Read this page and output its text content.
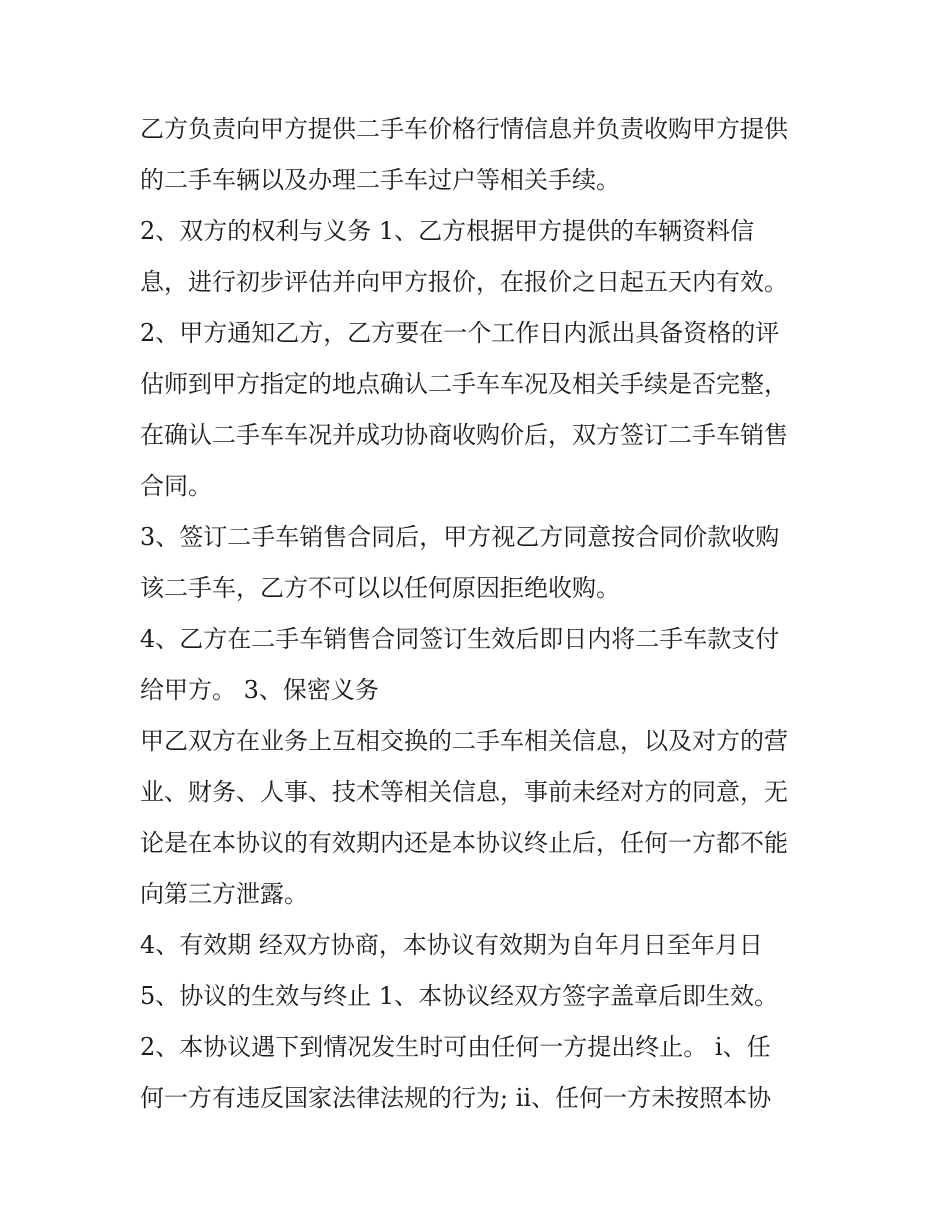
乙方负责向甲方提供二手车价格行情信息并负责收购甲方提供
的二手车辆以及办理二手车过户等相关手续。
2、双方的权利与义务 1、乙方根据甲方提供的车辆资料信
息，进行初步评估并向甲方报价，在报价之日起五天内有效。
2、甲方通知乙方，乙方要在一个工作日内派出具备资格的评
估师到甲方指定的地点确认二手车车况及相关手续是否完整，
在确认二手车车况并成功协商收购价后，双方签订二手车销售
合同。
3、签订二手车销售合同后，甲方视乙方同意按合同价款收购
该二手车，乙方不可以以任何原因拒绝收购。
4、乙方在二手车销售合同签订生效后即日内将二手车款支付
给甲方。 3、保密义务
甲乙双方在业务上互相交换的二手车相关信息，以及对方的营
业、财务、人事、技术等相关信息，事前未经对方的同意，无
论是在本协议的有效期内还是本协议终止后，任何一方都不能
向第三方泄露。
4、有效期 经双方协商，本协议有效期为自年月日至年月日
5、协议的生效与终止 1、本协议经双方签字盖章后即生效。
2、本协议遇下到情况发生时可由任何一方提出终止。 i、任
何一方有违反国家法律法规的行为; ii、任何一方未按照本协
